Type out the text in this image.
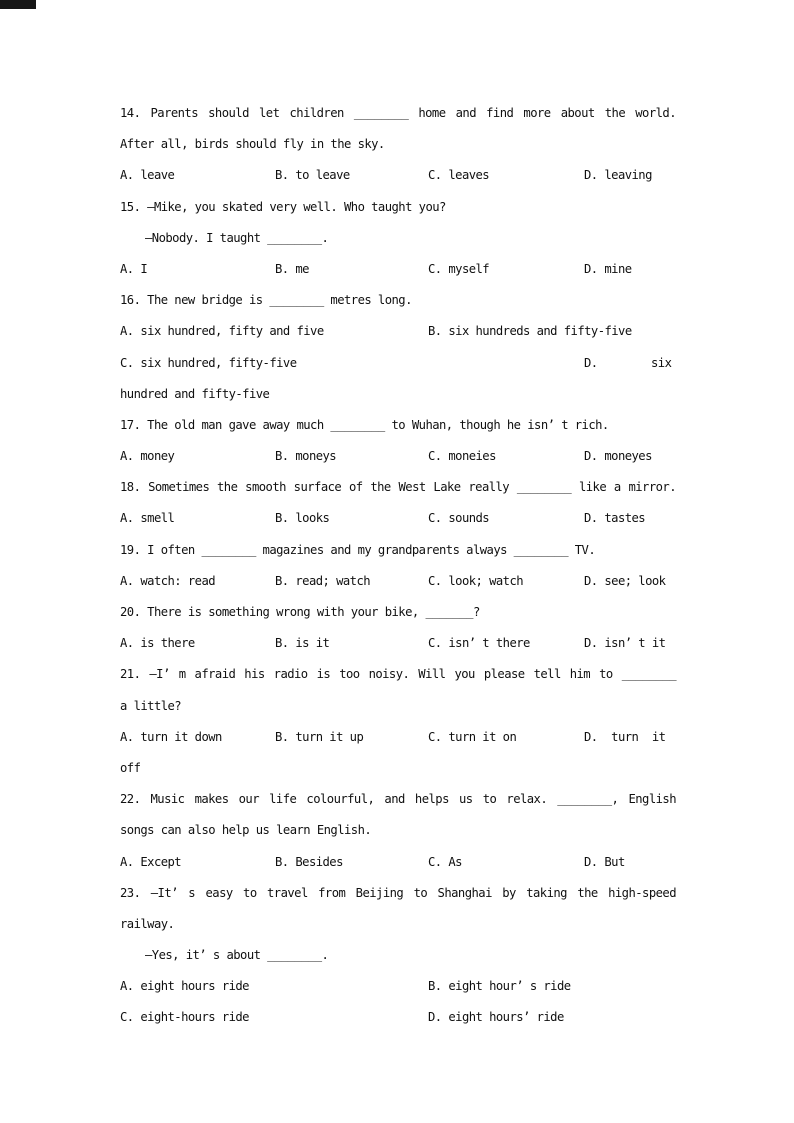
14. Parents should let children ________ home and find more about the world.
After all, birds should fly in the sky.
A. leave	B. to leave	C. leaves	D. leaving
15. —Mike, you skated very well. Who taught you?
—Nobody. I taught ________.
A. I	B. me	C. myself	D. mine
16. The new bridge is ________ metres long.
A. six hundred, fifty and five	B. six hundreds and fifty-five
C. six hundred, fifty-five	D.	six
hundred and fifty-five
17. The old man gave away much ________ to Wuhan, though he isn’ t rich.
A. money	B. moneys	C. moneies	D. moneyes
18. Sometimes the smooth surface of the West Lake really ________ like a mirror.
A. smell	B. looks	C. sounds	D. tastes
19. I often ________ magazines and my grandparents always ________ TV.
A. watch: read	B. read; watch	C. look; watch	D. see; look
20. There is something wrong with your bike, _______?
A. is there	B. is it	C. isn’ t there	D. isn’ t it
21. —I’ m afraid his radio is too noisy. Will you please tell him to ________
a little?
A. turn it down	B. turn it up	C. turn it on	D.  turn  it
off
22. Music makes our life colourful, and helps us to relax. ________, English
songs can also help us learn English.
A. Except	B. Besides	C. As	D. But
23. —It’ s easy to travel from Beijing to Shanghai by taking the high-speed
railway.
—Yes, it’ s about ________.
A. eight hours ride	B. eight hour’ s ride
C. eight-hours ride	D. eight hours’ ride
